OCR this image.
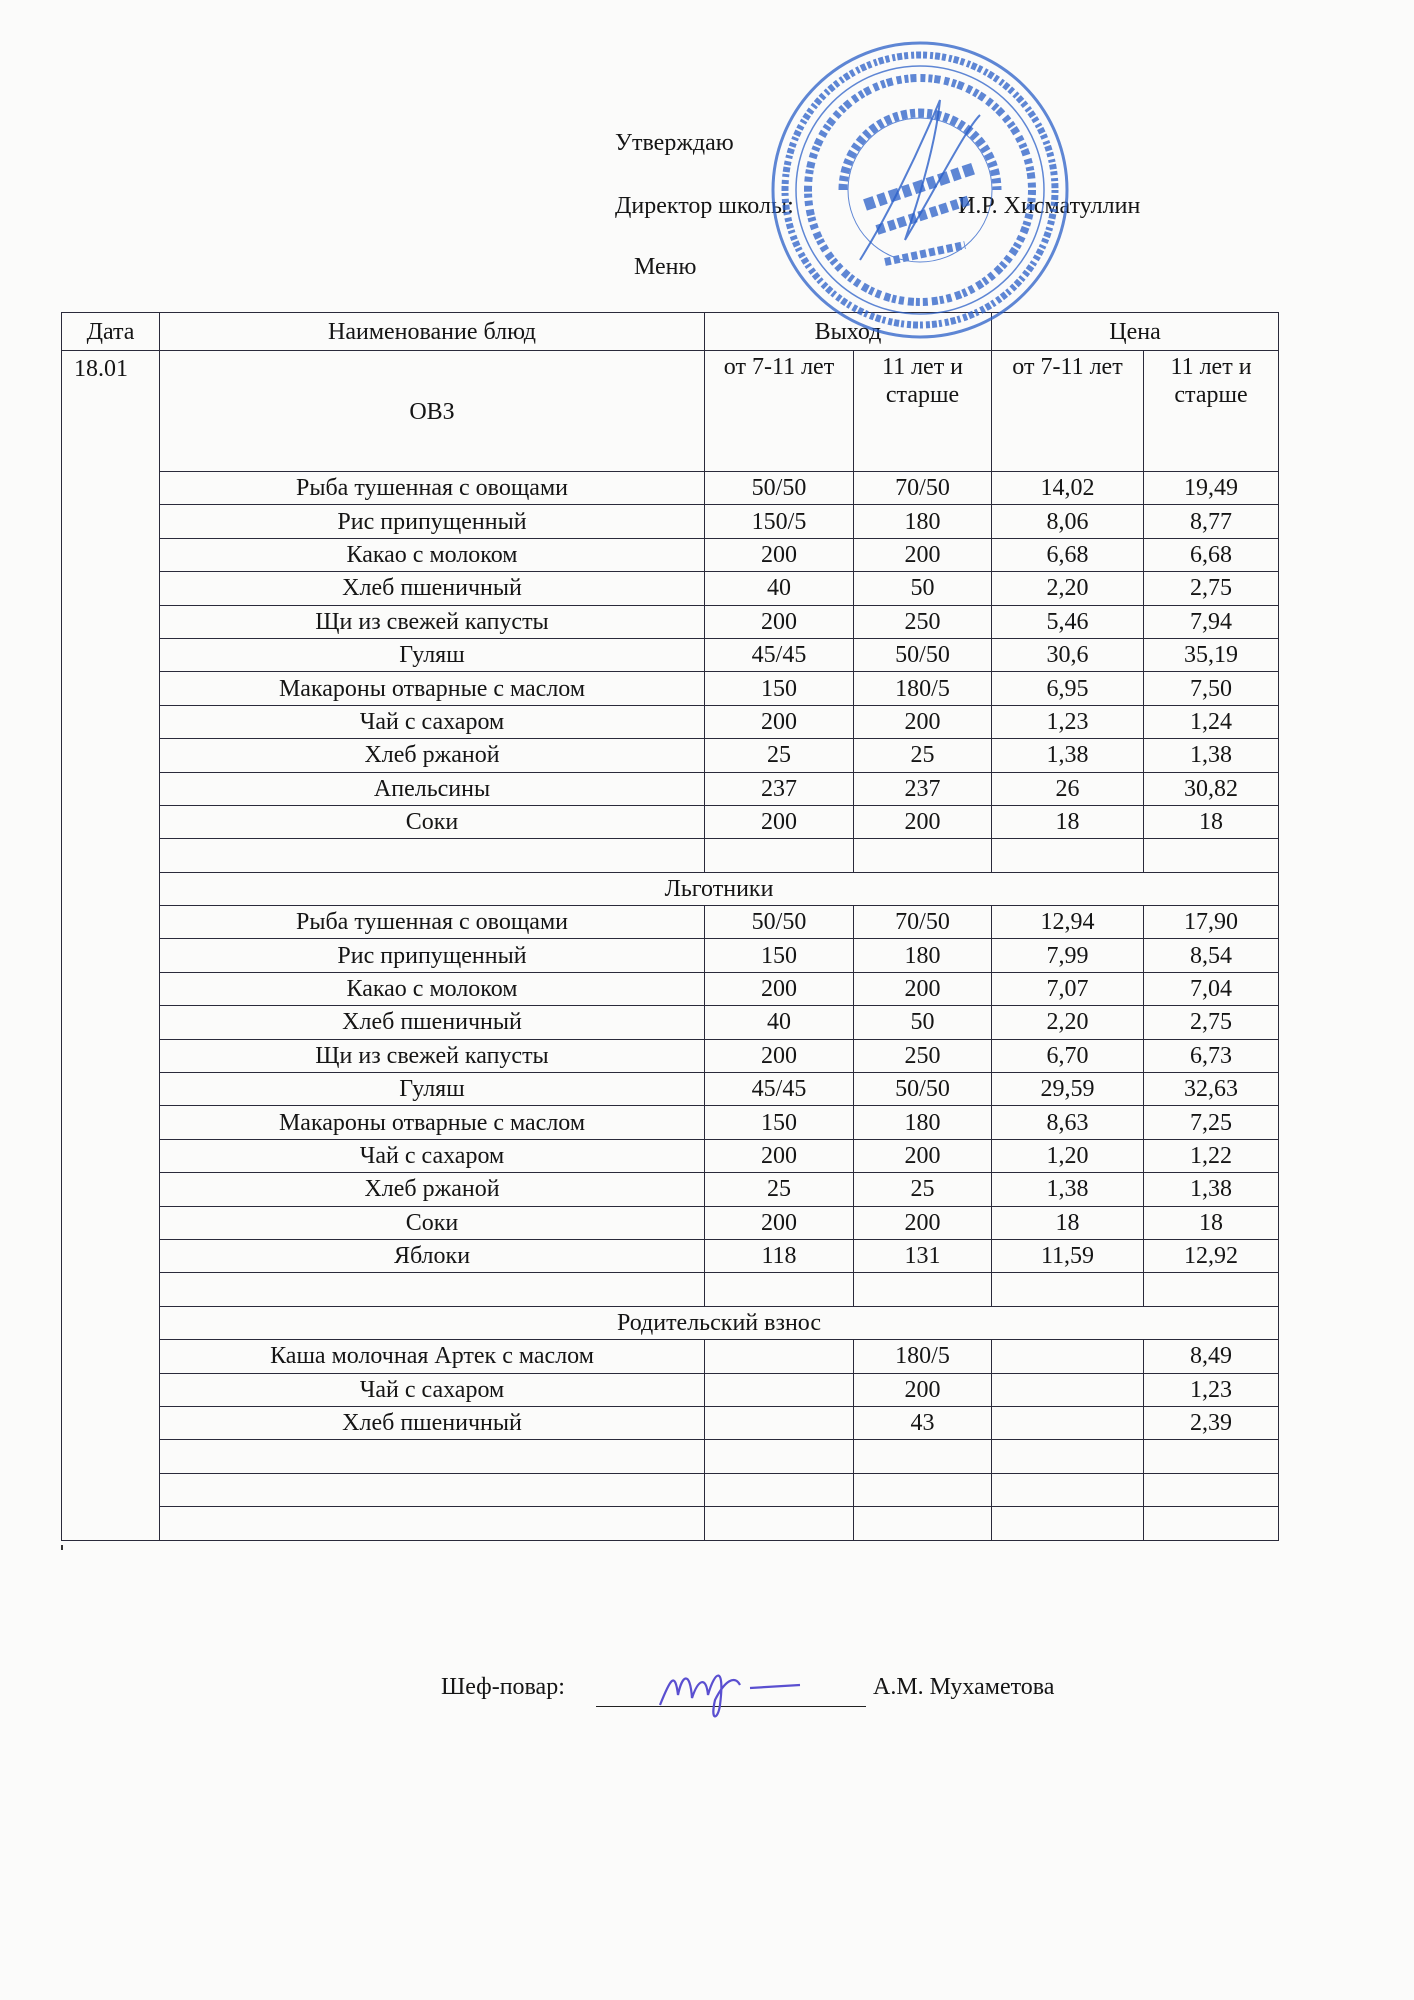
Утверждаю
Директор школы:	И.Р. Хисматуллин
Меню
Дата	Наименование блюд	Выход		Цена	
18.01	ОВЗ	от 7-11 лет	11 лет и старше	от 7-11 лет	11 лет и старше
	Рыба тушенная с овощами	50/50	70/50	14,02	19,49
	Рис припущенный	150/5	180	8,06	8,77
	Какао с молоком	200	200	6,68	6,68
	Хлеб пшеничный	40	50	2,20	2,75
	Щи из свежей капусты	200	250	5,46	7,94
	Гуляш	45/45	50/50	30,6	35,19
	Макароны отварные с маслом	150	180/5	6,95	7,50
	Чай с сахаром	200	200	1,23	1,24
	Хлеб ржаной	25	25	1,38	1,38
	Апельсины	237	237	26	30,82
	Соки	200	200	18	18

	Льготники				
	Рыба тушенная с овощами	50/50	70/50	12,94	17,90
	Рис припущенный	150	180	7,99	8,54
	Какао с молоком	200	200	7,07	7,04
	Хлеб пшеничный	40	50	2,20	2,75
	Щи из свежей капусты	200	250	6,70	6,73
	Гуляш	45/45	50/50	29,59	32,63
	Макароны отварные с маслом	150	180	8,63	7,25
	Чай с сахаром	200	200	1,20	1,22
	Хлеб ржаной	25	25	1,38	1,38
	Соки	200	200	18	18
	Яблоки	118	131	11,59	12,92

	Родительский взнос				
	Каша молочная Артек с маслом		180/5		8,49
	Чай с сахаром		200		1,23
	Хлеб пшеничный		43		2,39

Шеф-повар:	А.М. Мухаметова
